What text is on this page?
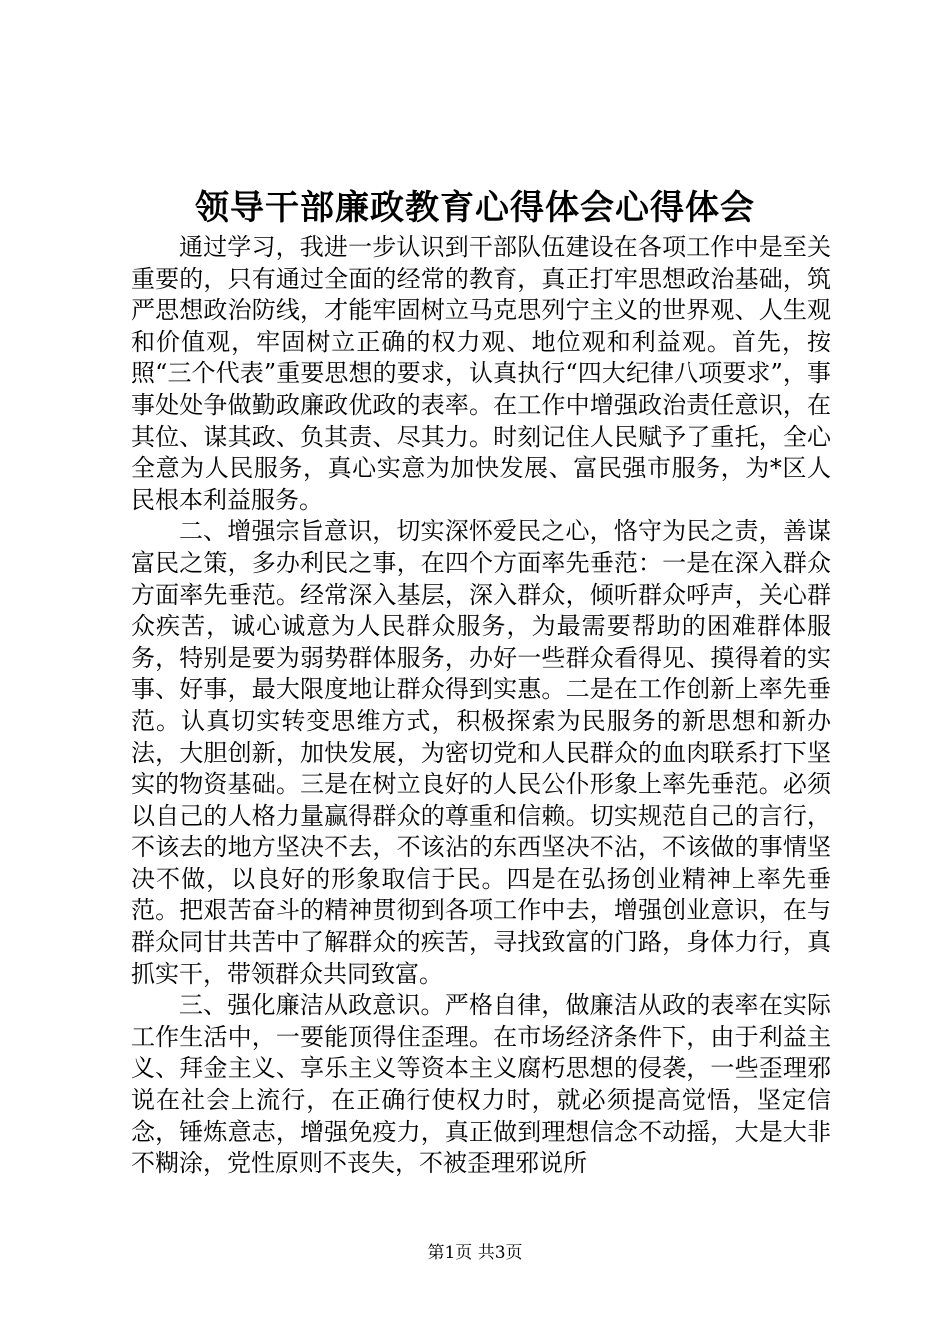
领导干部廉政教育心得体会心得体会

通过学习，我进一步认识到干部队伍建设在各项工作中是至关重要的，只有通过全面的经常的教育，真正打牢思想政治基础，筑严思想政治防线，才能牢固树立马克思列宁主义的世界观、人生观和价值观，牢固树立正确的权力观、地位观和利益观。首先，按照“三个代表”重要思想的要求，认真执行“四大纪律八项要求”，事事处处争做勤政廉政优政的表率。在工作中增强政治责任意识，在其位、谋其政、负其责、尽其力。时刻记住人民赋予了重托，全心全意为人民服务，真心实意为加快发展、富民强市服务，为*区人民根本利益服务。

二、增强宗旨意识，切实深怀爱民之心，恪守为民之责，善谋富民之策，多办利民之事，在四个方面率先垂范：一是在深入群众方面率先垂范。经常深入基层，深入群众，倾听群众呼声，关心群众疾苦，诚心诚意为人民群众服务，为最需要帮助的困难群体服务，特别是要为弱势群体服务，办好一些群众看得见、摸得着的实事、好事，最大限度地让群众得到实惠。二是在工作创新上率先垂范。认真切实转变思维方式，积极探索为民服务的新思想和新办法，大胆创新，加快发展，为密切党和人民群众的血肉联系打下坚实的物资基础。三是在树立良好的人民公仆形象上率先垂范。必须以自己的人格力量赢得群众的尊重和信赖。切实规范自己的言行，不该去的地方坚决不去，不该沾的东西坚决不沾，不该做的事情坚决不做，以良好的形象取信于民。四是在弘扬创业精神上率先垂范。把艰苦奋斗的精神贯彻到各项工作中去，增强创业意识，在与群众同甘共苦中了解群众的疾苦，寻找致富的门路，身体力行，真抓实干，带领群众共同致富。

三、强化廉洁从政意识。严格自律，做廉洁从政的表率在实际工作生活中，一要能顶得住歪理。在市场经济条件下，由于利益主义、拜金主义、享乐主义等资本主义腐朽思想的侵袭，一些歪理邪说在社会上流行，在正确行使权力时，就必须提高觉悟，坚定信念，锤炼意志，增强免疫力，真正做到理想信念不动摇，大是大非不糊涂，党性原则不丧失，不被歪理邪说所

第1页 共3页
